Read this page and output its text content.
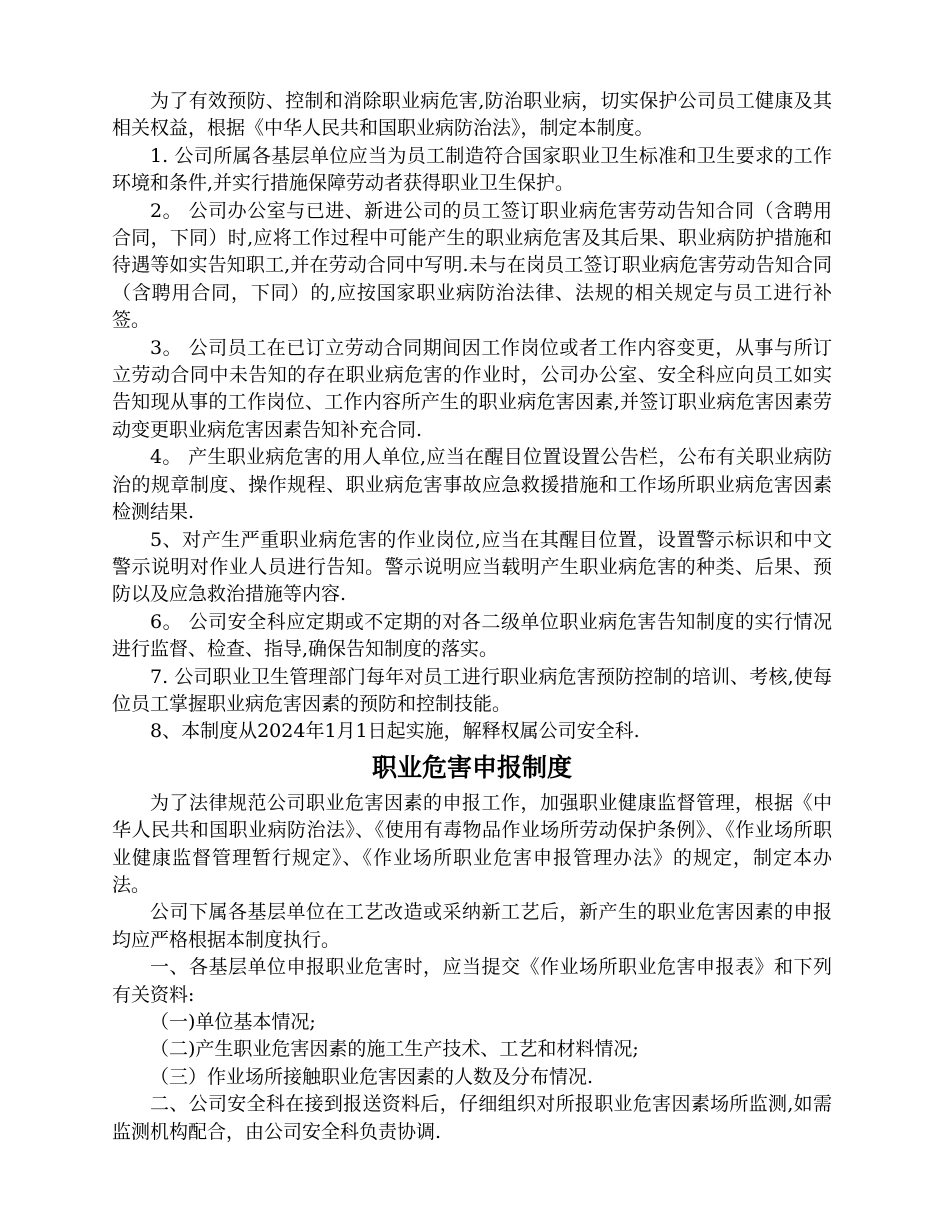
为了有效预防、控制和消除职业病危害,防治职业病，切实保护公司员工健康及其相关权益，根据《中华人民共和国职业病防治法》，制定本制度。

1. 公司所属各基层单位应当为员工制造符合国家职业卫生标准和卫生要求的工作环境和条件,并实行措施保障劳动者获得职业卫生保护。

2。 公司办公室与已进、新进公司的员工签订职业病危害劳动告知合同（含聘用合同，下同）时,应将工作过程中可能产生的职业病危害及其后果、职业病防护措施和待遇等如实告知职工,并在劳动合同中写明.未与在岗员工签订职业病危害劳动告知合同（含聘用合同，下同）的,应按国家职业病防治法律、法规的相关规定与员工进行补签。

3。 公司员工在已订立劳动合同期间因工作岗位或者工作内容变更，从事与所订立劳动合同中未告知的存在职业病危害的作业时，公司办公室、安全科应向员工如实告知现从事的工作岗位、工作内容所产生的职业病危害因素,并签订职业病危害因素劳动变更职业病危害因素告知补充合同.

4。 产生职业病危害的用人单位,应当在醒目位置设置公告栏，公布有关职业病防治的规章制度、操作规程、职业病危害事故应急救援措施和工作场所职业病危害因素检测结果.

5、对产生严重职业病危害的作业岗位,应当在其醒目位置，设置警示标识和中文警示说明对作业人员进行告知。警示说明应当载明产生职业病危害的种类、后果、预防以及应急救治措施等内容.

6。 公司安全科应定期或不定期的对各二级单位职业病危害告知制度的实行情况进行监督、检查、指导,确保告知制度的落实。

7. 公司职业卫生管理部门每年对员工进行职业病危害预防控制的培训、考核,使每位员工掌握职业病危害因素的预防和控制技能。

8、本制度从2024年1月1日起实施，解释权属公司安全科.

职业危害申报制度

为了法律规范公司职业危害因素的申报工作，加强职业健康监督管理，根据《中华人民共和国职业病防治法》、《使用有毒物品作业场所劳动保护条例》、《作业场所职业健康监督管理暂行规定》、《作业场所职业危害申报管理办法》的规定，制定本办法。

公司下属各基层单位在工艺改造或采纳新工艺后，新产生的职业危害因素的申报均应严格根据本制度执行。

一、各基层单位申报职业危害时，应当提交《作业场所职业危害申报表》和下列有关资料:

（一)单位基本情况;

（二)产生职业危害因素的施工生产技术、工艺和材料情况;

（三）作业场所接触职业危害因素的人数及分布情况.

二、公司安全科在接到报送资料后，仔细组织对所报职业危害因素场所监测,如需监测机构配合，由公司安全科负责协调.
